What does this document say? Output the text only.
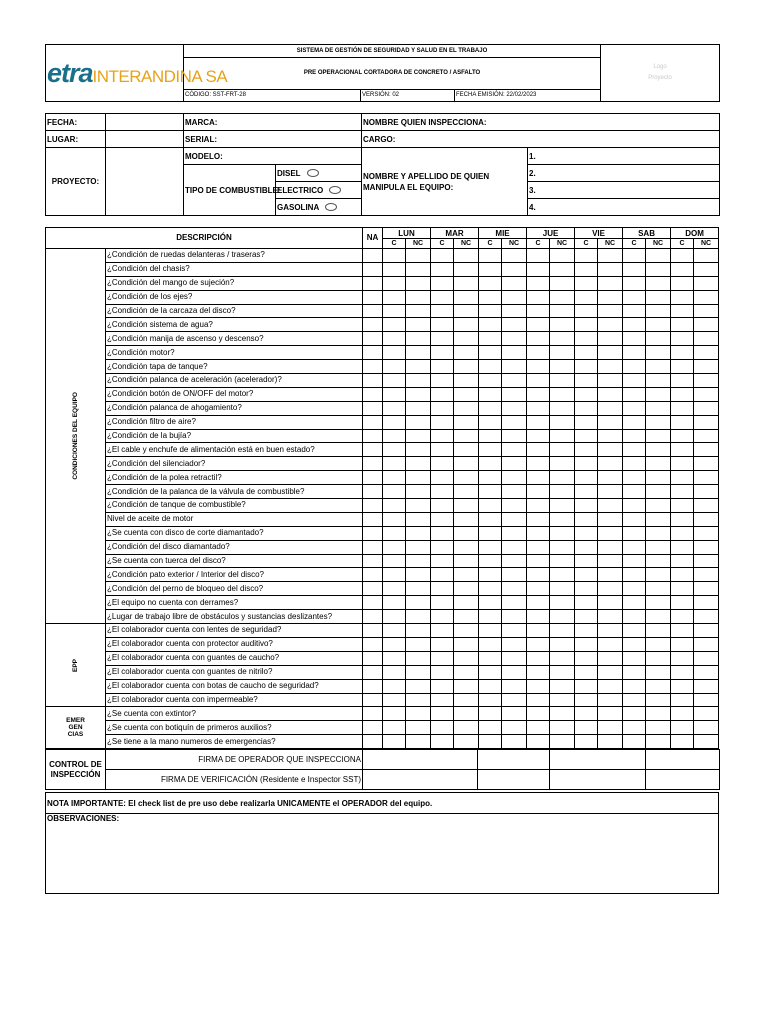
etraINTERANDINA SA	SISTEMA DE GESTIÓN DE SEGURIDAD Y SALUD EN EL TRABAJO			Logo
Proyecto

	PRE OPERACIONAL CORTADORA DE CONCRETO / ASFALTO			
	CÓDIGO: SST-FRT-28	VERSIÓN: 02	FECHA EMISIÓN: 22/02/2023	
FECHA:		MARCA:		NOMBRE QUIEN INSPECCIONA:	
LUGAR:		SERIAL:		CARGO:	
PROYECTO:		MODELO:		NOMBRE Y APELLIDO DE QUIEN MANIPULA EL EQUIPO:	1.
		TIPO DE COMBUSTIBLE:	DISEL		2.
			ELECTRICO		3.
			GASOLINA		4.
DESCRIPCIÓN		NA	LUN		MAR		MIE		JUE		VIE		SAB		DOM	
			C	NC	C	NC	C	NC	C	NC	C	NC	C	NC	C	NC

CONDICIONES DEL EQUIPO	¿Condición de ruedas delanteras / traseras?															
	¿Condición del chasis?															
	¿Condición del mango de sujeción?															
	¿Condición de los ejes?															
	¿Condición de la carcaza del disco?															
	¿Condición sistema de agua?															
	¿Condición manija de ascenso y descenso?															
	¿Condición motor?															
	¿Condición tapa de tanque?															
	¿Condición palanca de aceleración (acelerador)?															
	¿Condición botón de ON/OFF del motor?															
	¿Condición palanca de ahogamiento?															
	¿Condición filtro de aire?															
	¿Condición de la bujía?															
	¿El cable y enchufe de alimentación está en buen estado?															
	¿Condición del silenciador?															
	¿Condición de la polea retractil?															
	¿Condición de la palanca de la válvula de combustible?															
	¿Condición de tanque de combustible?															
	Nivel de aceite de motor															
	¿Se cuenta con disco de corte diamantado?															
	¿Condición del disco diamantado?															
	¿Se cuenta con tuerca del disco?															
	¿Condición pato exterior / Interior del disco?															
	¿Condición del perno de bloqueo del disco?															
	¿El equipo no cuenta con derrames?															
	¿Lugar de trabajo libre de obstáculos y sustancias deslizantes?															

EPP	¿El colaborador cuenta con lentes de seguridad?															
	¿El colaborador cuenta con protector auditivo?															
	¿El colaborador cuenta con guantes de caucho?															
	¿El colaborador cuenta con guantes de nitrilo?															
	¿El colaborador cuenta con botas de caucho de seguridad?															
	¿El colaborador cuenta con impermeable?															

EMER
GEN
CIAS	¿Se cuenta con extintor?															
	¿Se cuenta con botiquín de primeros auxilios?															
	¿Se tiene a la mano numeros de emergencias?															
CONTROL DE
INSPECCIÓN	FIRMA DE OPERADOR QUE INSPECCIONA				
	FIRMA DE VERIFICACIÓN (Residente e Inspector SST)				
NOTA IMPORTANTE: El check list de pre uso debe realizarla UNICAMENTE el OPERADOR del equipo.
OBSERVACIONES:
